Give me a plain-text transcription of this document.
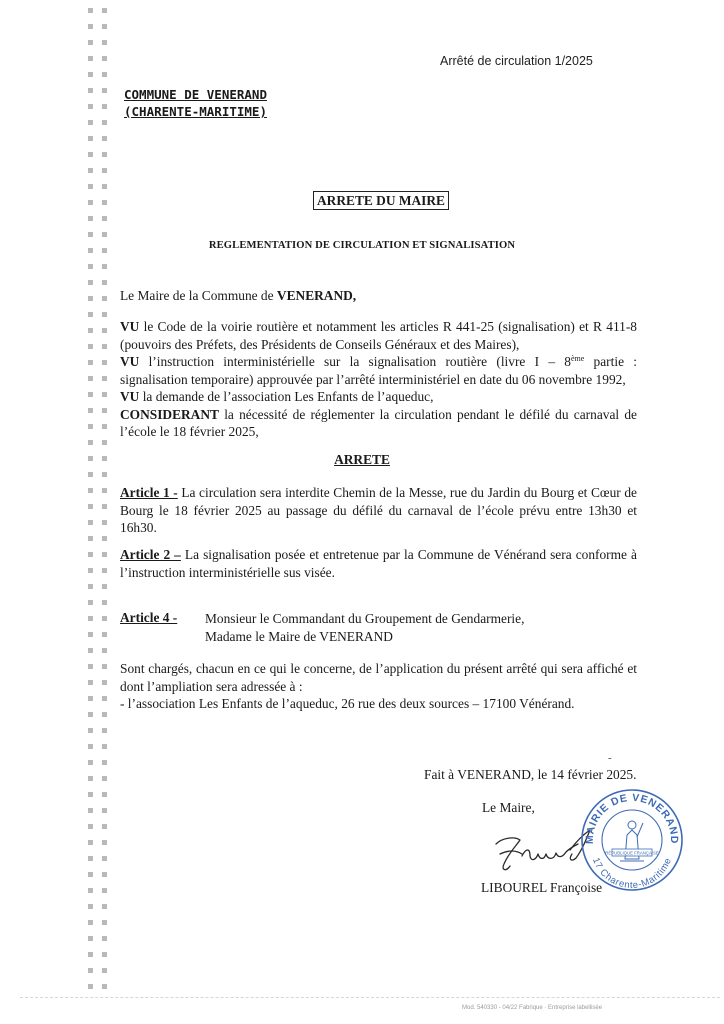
Arrêté de circulation 1/2025
COMMUNE DE VENERAND
(CHARENTE-MARITIME)
ARRETE DU MAIRE
REGLEMENTATION DE CIRCULATION ET SIGNALISATION
Le Maire de la Commune de VENERAND,
VU le Code de la voirie routière et notamment les articles R 441-25 (signalisation) et R 411-8 (pouvoirs des Préfets, des Présidents de Conseils Généraux et des Maires),
VU l’instruction interministérielle sur la signalisation routière (livre I – 8ème partie : signalisation temporaire) approuvée par l’arrêté interministériel en date du 06 novembre 1992,
VU la demande de l’association Les Enfants de l’aqueduc,
CONSIDERANT la nécessité de réglementer la circulation pendant le défilé du carnaval de l’école le 18 février 2025,
ARRETE
Article 1 - La circulation sera interdite Chemin de la Messe, rue du Jardin du Bourg et Cœur de Bourg le 18 février 2025 au passage du défilé du carnaval de l’école prévu entre 13h30 et 16h30.
Article 2 – La signalisation posée et entretenue par la Commune de Vénérand sera conforme à l’instruction interministérielle sus visée.
Article 4 - Monsieur le Commandant du Groupement de Gendarmerie,
Madame le Maire de VENERAND
Sont chargés, chacun en ce qui le concerne, de l’application du présent arrêté qui sera affiché et dont l’ampliation sera adressée à :
- l’association Les Enfants de l’aqueduc, 26 rue des deux sources – 17100 Vénérand.
-
Fait à VENERAND, le 14 février 2025.
Le Maire,
MAIRIE DE VENERAND
17 Charente-Maritime
RÉPUBLIQUE FRANÇAISE
LIBOUREL Françoise
Mod. 540330 - 04/22 Fabrique · Entreprise labellisée
